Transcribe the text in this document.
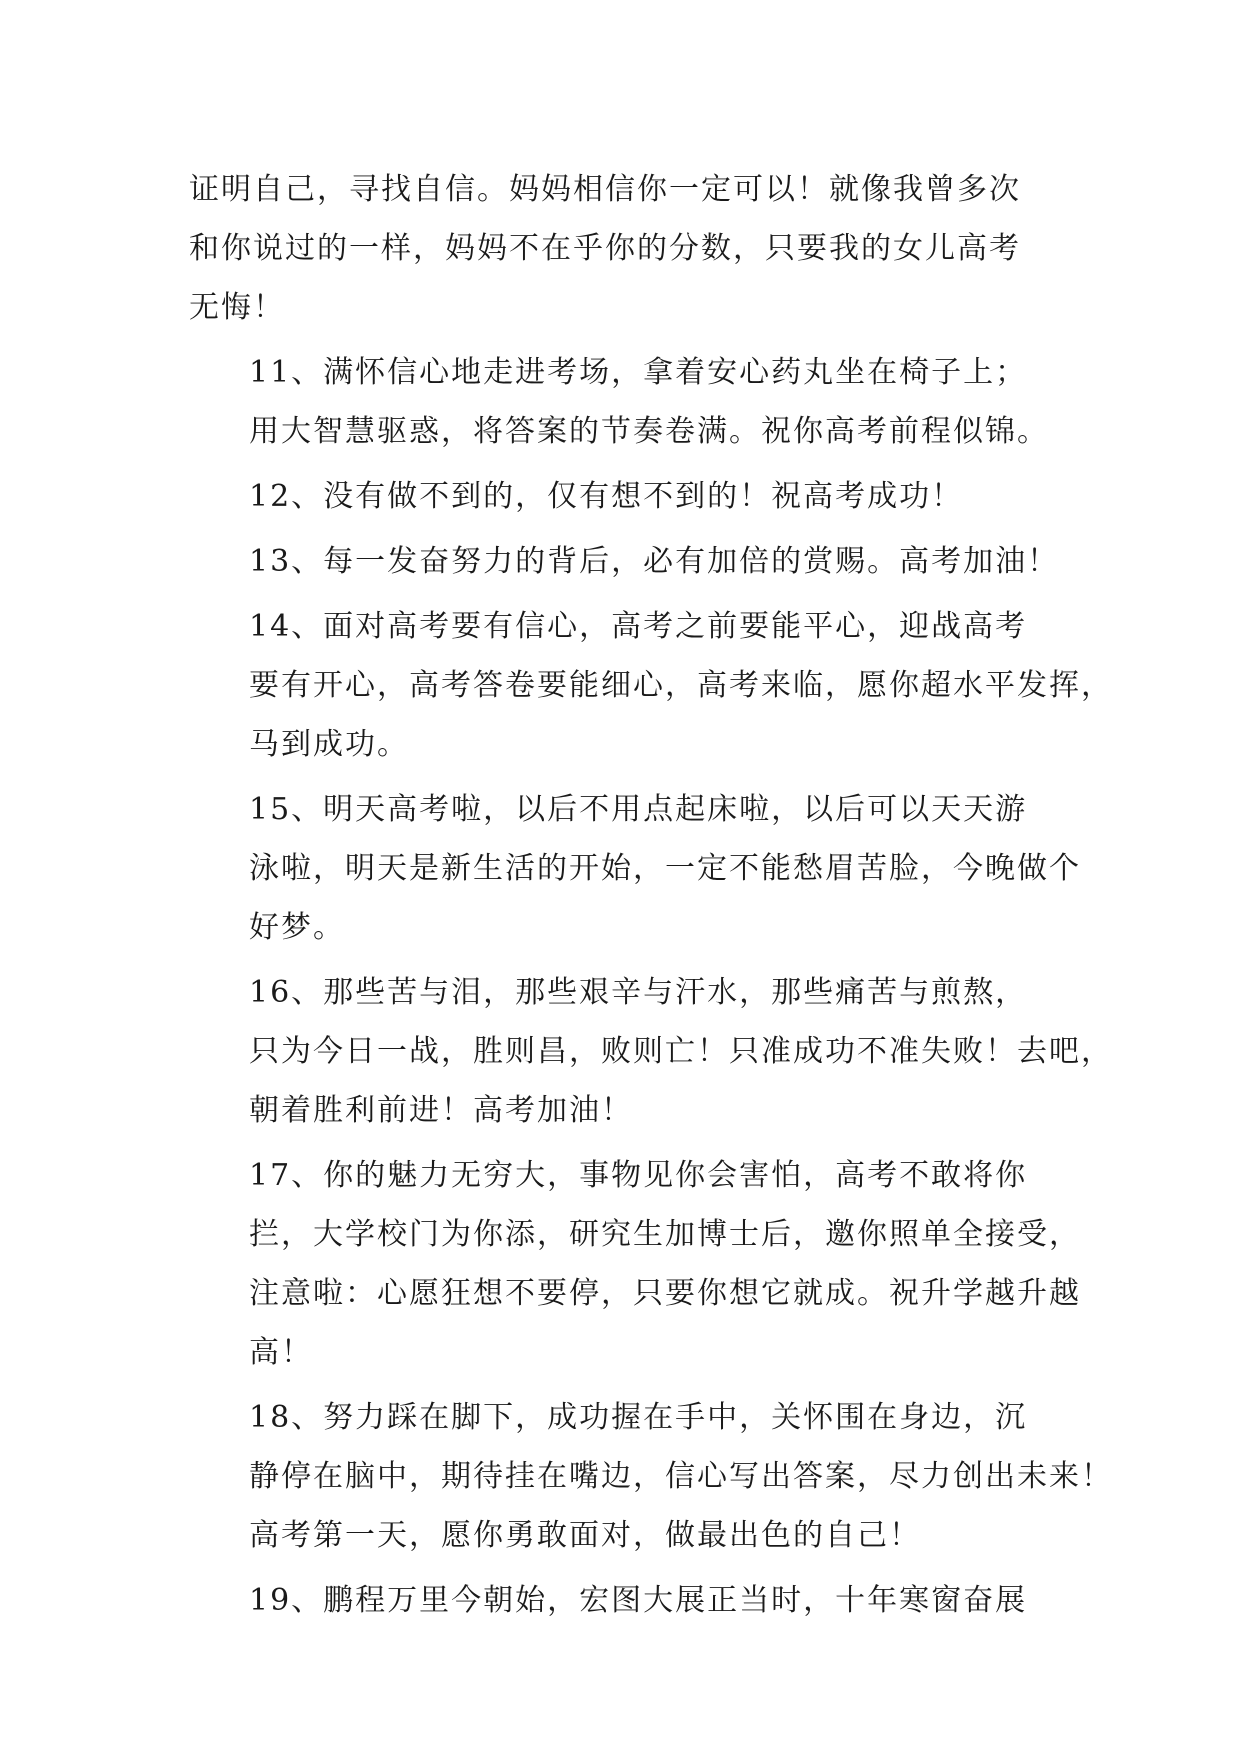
证明自己，寻找自信。妈妈相信你一定可以！就像我曾多次
和你说过的一样，妈妈不在乎你的分数，只要我的女儿高考
无悔！

11、满怀信心地走进考场，拿着安心药丸坐在椅子上；
用大智慧驱惑，将答案的节奏卷满。祝你高考前程似锦。

12、没有做不到的，仅有想不到的！祝高考成功！

13、每一发奋努力的背后，必有加倍的赏赐。高考加油！

14、面对高考要有信心，高考之前要能平心，迎战高考
要有开心，高考答卷要能细心，高考来临，愿你超水平发挥，
马到成功。

15、明天高考啦，以后不用点起床啦，以后可以天天游
泳啦，明天是新生活的开始，一定不能愁眉苦脸，今晚做个
好梦。

16、那些苦与泪，那些艰辛与汗水，那些痛苦与煎熬，
只为今日一战，胜则昌，败则亡！只准成功不准失败！去吧，
朝着胜利前进！高考加油！

17、你的魅力无穷大，事物见你会害怕，高考不敢将你
拦，大学校门为你添，研究生加博士后，邀你照单全接受，
注意啦：心愿狂想不要停，只要你想它就成。祝升学越升越
高！

18、努力踩在脚下，成功握在手中，关怀围在身边，沉
静停在脑中，期待挂在嘴边，信心写出答案，尽力创出未来！
高考第一天，愿你勇敢面对，做最出色的自己！

19、鹏程万里今朝始，宏图大展正当时，十年寒窗奋展
